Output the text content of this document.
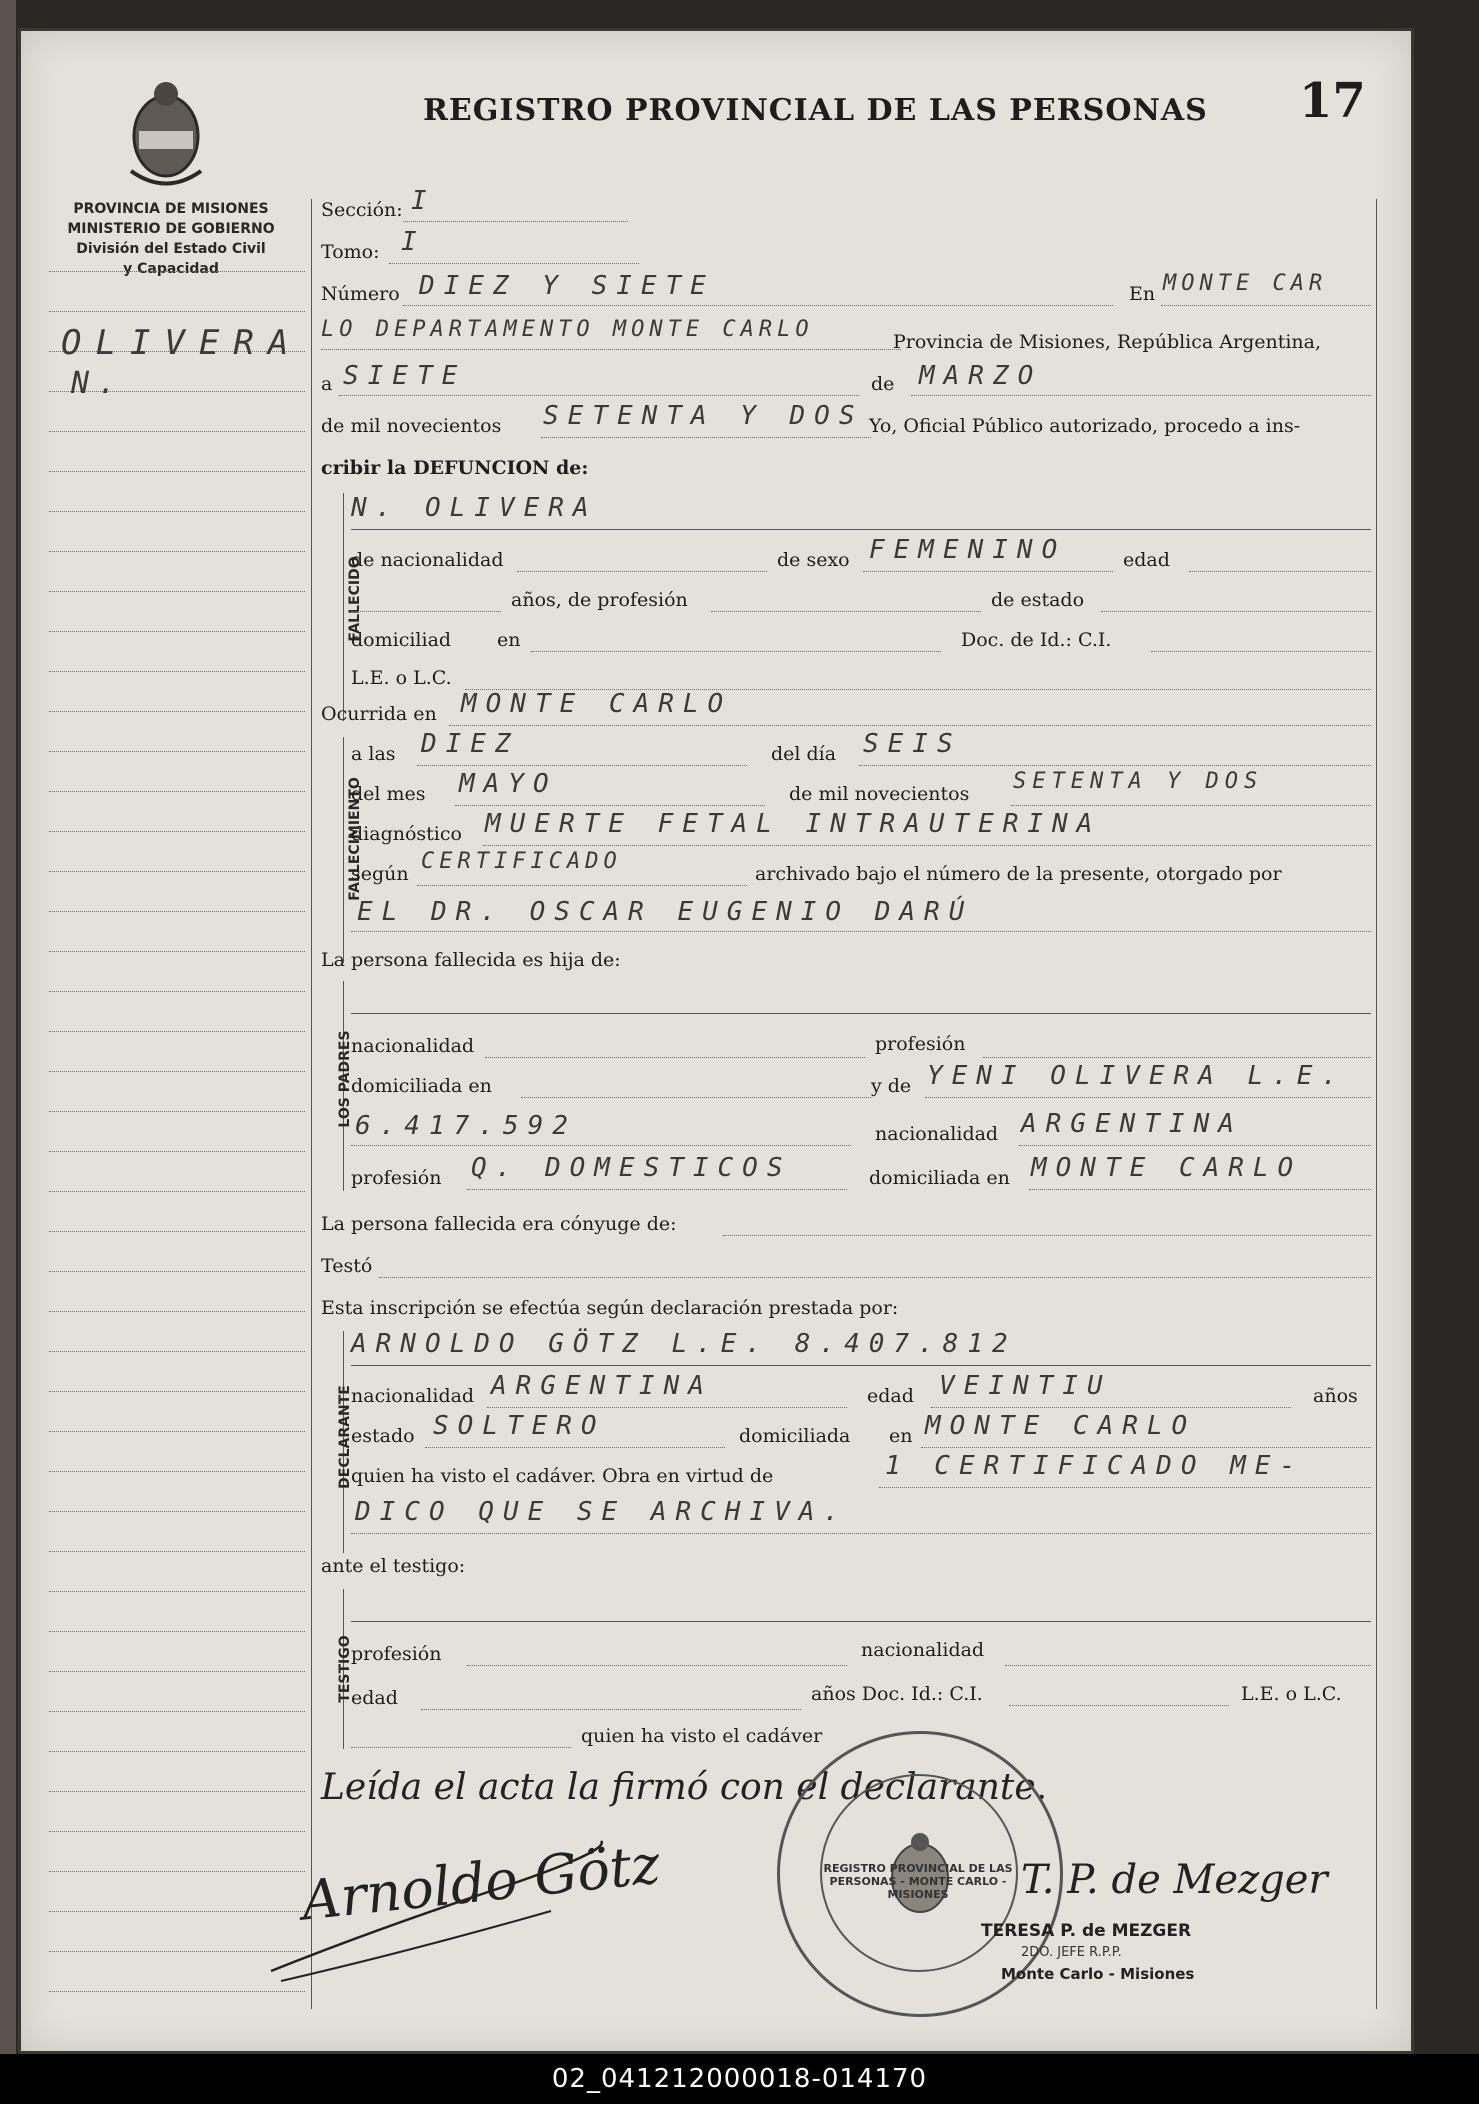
PROVINCIA DE MISIONES
MINISTERIO DE GOBIERNO
División del Estado Civil
y Capacidad
REGISTRO PROVINCIAL DE LAS PERSONAS 17
OLIVERA
N.
Sección: I
Tomo: I
Número DIEZ Y SIETE	En MONTE CAR
LO DEPARTAMENTO MONTE CARLO	Provincia de Misiones, República Argentina,
a SIETE	de MARZO
de mil novecientos SETENTA Y DOS Yo, Oficial Público autorizado, procedo a ins-
cribir la DEFUNCION de:
FALLECIDO
N. OLIVERA
de nacionalidad	de sexo FEMENINO	edad
años, de profesión	de estado
domiciliad en	Doc. de Id.: C.I.
L.E. o L.C.
Ocurrida en MONTE CARLO
FALLECIMIENTO
a las DIEZ	del día SEIS
del mes MAYO	de mil novecientos SETENTA Y DOS
diagnóstico MUERTE FETAL INTRAUTERINA
según CERTIFICADO	archivado bajo el número de la presente, otorgado por
EL DR. OSCAR EUGENIO DARÚ
La persona fallecida es hija de:
LOS PADRES
nacionalidad	profesión
domiciliada en	y de YENI OLIVERA L.E.
6.417.592	nacionalidad ARGENTINA
profesión Q. DOMESTICOS	domiciliada en MONTE CARLO
La persona fallecida era cónyuge de:
Testó
Esta inscripción se efectúa según declaración prestada por:
DECLARANTE
ARNOLDO GÖTZ L.E. 8.407.812
nacionalidad ARGENTINA	edad VEINTIU	años
estado SOLTERO	domiciliada en MONTE CARLO
quien ha visto el cadáver. Obra en virtud de	1 CERTIFICADO ME-
DICO QUE SE ARCHIVA.
ante el testigo:
TESTIGO
profesión	nacionalidad
edad	años Doc. Id.: C.I.	L.E. o L.C.
quien ha visto el cadáver
Leída el acta la firmó con el declarante.
Arnoldo Götz	REGISTRO PROVINCIAL DE LAS PERSONAS - MONTE CARLO - MISIONES	T. P. de Mezger
TERESA P. de MEZGER
2DO. JEFE R.P.P.
Monte Carlo - Misiones
02_041212000018-014170
